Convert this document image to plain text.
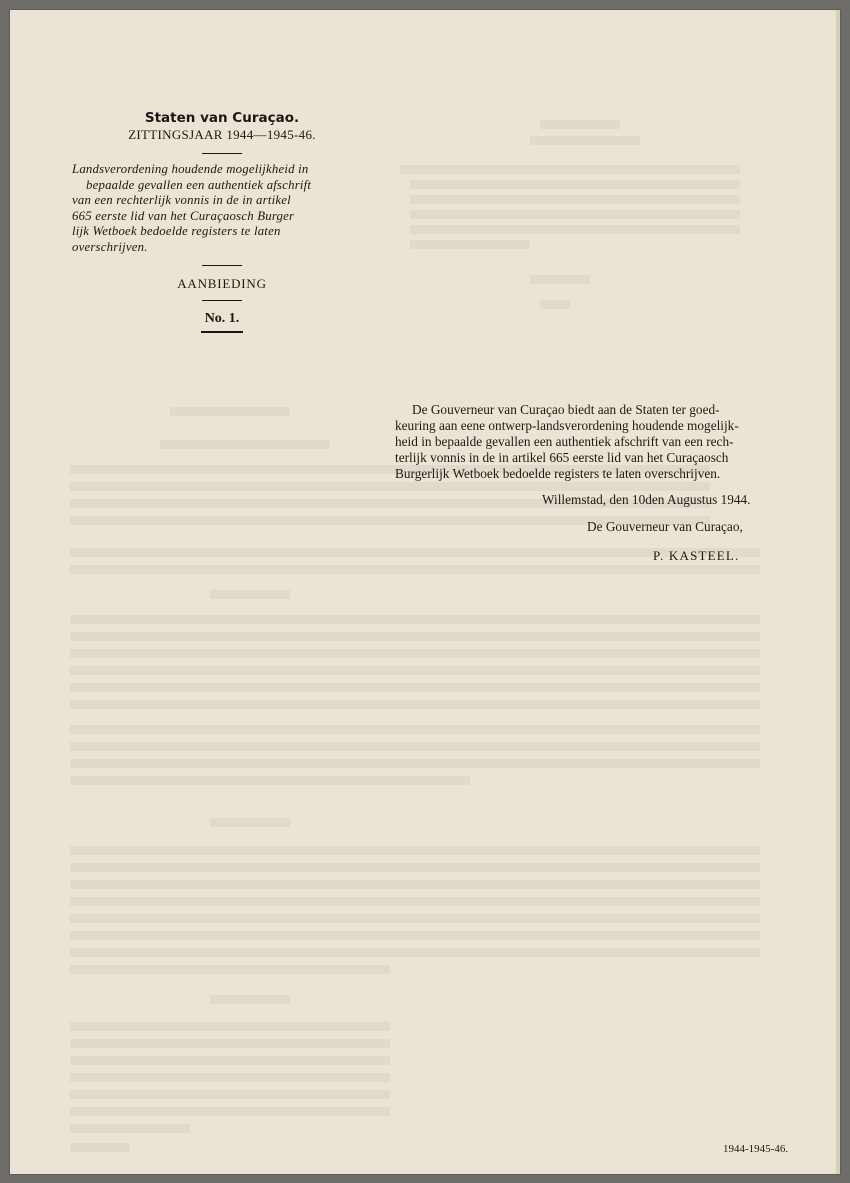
Staten van Curaçao.
ZITTINGSJAAR 1944—1945-46.
Landsverordening houdende mogelijkheid in
bepaalde gevallen een authentiek afschrift
van een rechterlijk vonnis in de in artikel
665 eerste lid van het Curaçaosch Burger
lijk Wetboek bedoelde registers te laten
overschrijven.
AANBIEDING
No. 1.
De Gouverneur van Curaçao biedt aan de Staten ter goed-
keuring aan eene ontwerp-landsverordening houdende mogelijk-
heid in bepaalde gevallen een authentiek afschrift van een rech-
terlijk vonnis in de in artikel 665 eerste lid van het Curaçaosch
Burgerlijk Wetboek bedoelde registers te laten overschrijven.
Willemstad, den 10den Augustus 1944.
De Gouverneur van Curaçao,
P. KASTEEL.
1944-1945-46.
